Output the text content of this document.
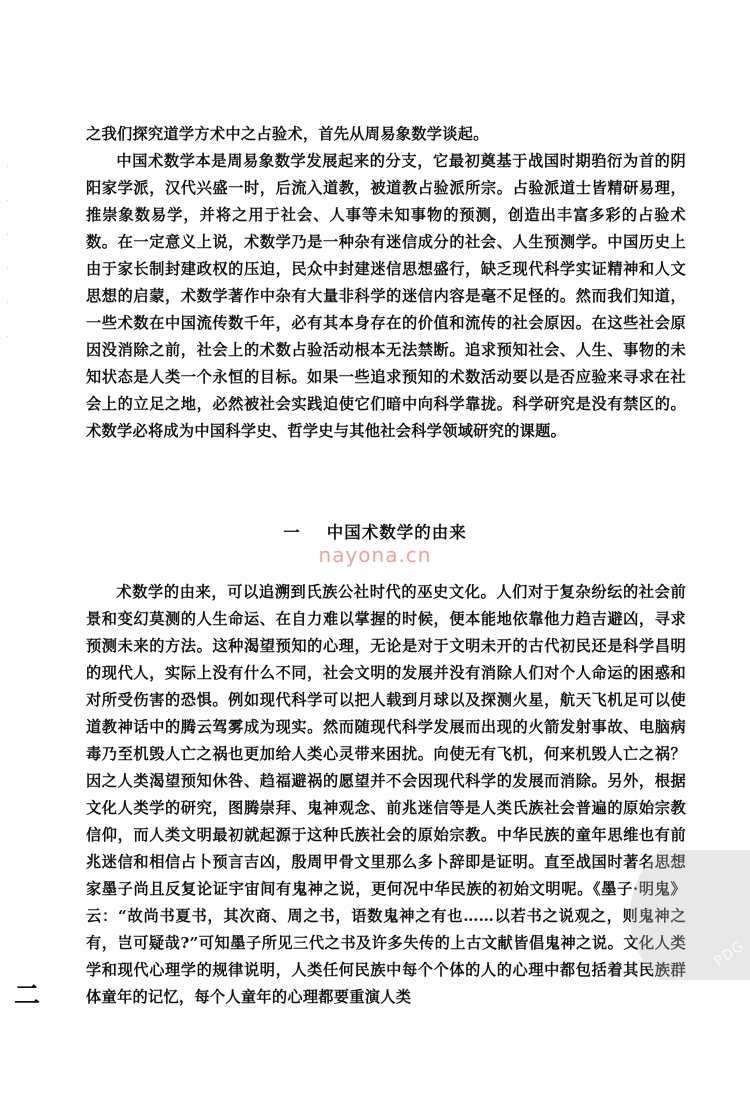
·
·
·
·
·
·

之我们探究道学方术中之占验术，首先从周易象数学谈起。

中国术数学本是周易象数学发展起来的分支，它最初奠基于战国时期驺衍为首的阴阳家学派，汉代兴盛一时，后流入道教，被道教占验派所宗。占验派道士皆精研易理，推崇象数易学，并将之用于社会、人事等未知事物的预测，创造出丰富多彩的占验术数。在一定意义上说，术数学乃是一种杂有迷信成分的社会、人生预测学。中国历史上由于家长制封建政权的压迫，民众中封建迷信思想盛行，缺乏现代科学实证精神和人文思想的启蒙，术数学著作中杂有大量非科学的迷信内容是毫不足怪的。然而我们知道，一些术数在中国流传数千年，必有其本身存在的价值和流传的社会原因。在这些社会原因没消除之前，社会上的术数占验活动根本无法禁断。追求预知社会、人生、事物的未知状态是人类一个永恒的目标。如果一些追求预知的术数活动要以是否应验来寻求在社会上的立足之地，必然被社会实践迫使它们暗中向科学靠拢。科学研究是没有禁区的。术数学必将成为中国科学史、哲学史与其他社会科学领域研究的课题。

一 中国术数学的由来
nayona.cn

术数学的由来，可以追溯到氏族公社时代的巫史文化。人们对于复杂纷纭的社会前景和变幻莫测的人生命运、在自力难以掌握的时候，便本能地依靠他力趋吉避凶，寻求预测未来的方法。这种渴望预知的心理，无论是对于文明未开的古代初民还是科学昌明的现代人，实际上没有什么不同，社会文明的发展并没有消除人们对个人命运的困惑和对所受伤害的恐惧。例如现代科学可以把人载到月球以及探测火星，航天飞机足可以使道教神话中的腾云驾雾成为现实。然而随现代科学发展而出现的火箭发射事故、电脑病毒乃至机毁人亡之祸也更加给人类心灵带来困扰。向使无有飞机，何来机毁人亡之祸？因之人类渴望预知休咎、趋福避祸的愿望并不会因现代科学的发展而消除。另外，根据文化人类学的研究，图腾崇拜、鬼神观念、前兆迷信等是人类氏族社会普遍的原始宗教信仰，而人类文明最初就起源于这种氏族社会的原始宗教。中华民族的童年思维也有前兆迷信和相信占卜预言吉凶，殷周甲骨文里那么多卜辞即是证明。直至战国时著名思想家墨子尚且反复论证宇宙间有鬼神之说，更何况中华民族的初始文明呢。《墨子·明鬼》云：“故尚书夏书，其次商、周之书，语数鬼神之有也……以若书之说观之，则鬼神之有，岂可疑哉?”可知墨子所见三代之书及许多失传的上古文献皆倡鬼神之说。文化人类学和现代心理学的规律说明，人类任何民族中每个个体的人的心理中都包括着其民族群体童年的记忆，每个人童年的心理都要重演人类

二
PDG
